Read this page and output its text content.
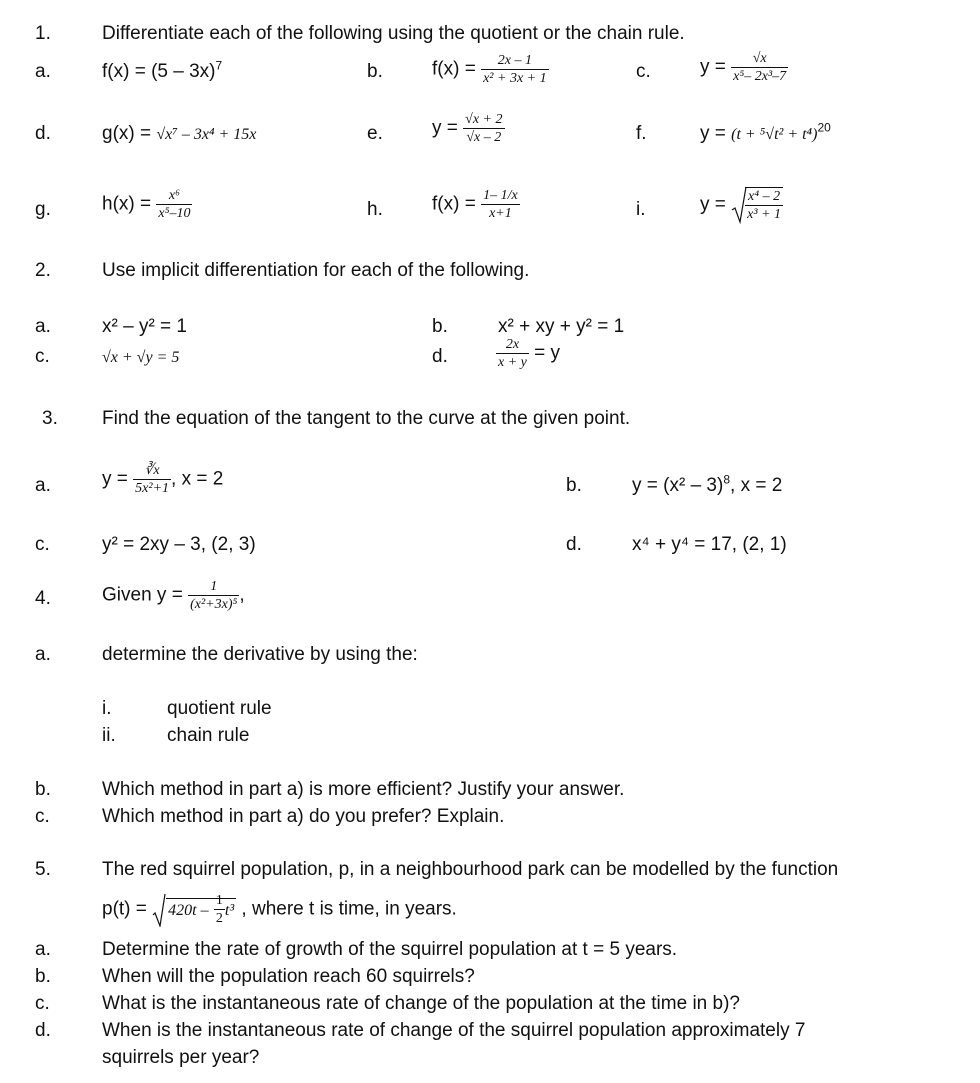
1.	Differentiate each of the following using the quotient or the chain rule.
a.	f(x) = (5 – 3x)$^7$	b.	$f(x) = \frac{2x - 1}{\text{x² + 3x + 1}}$	c.	$y = \frac{√x}{\text{x⁵– 2x³–7}}$
d.	g(x) = √x⁷ – 3x⁴ + 15x	e.	$y = \frac{√x + 2}{√x - 2}$	f.	$y = (t + ^5√t^2 + t^4)^{20}$
g.	$h(x) = \frac{\text{x⁶}}{\text{x⁵–10}}$	h.	$f(x) = \frac{1- 1/x}{x+1}$	i.	$y = \frac{\text{x⁴ – 2}}{\text{x³ + 1}}$
2.	Use implicit differentiation for each of the following.
a.	x² – y² = 1	b.	x² + xy + y² = 1
c.	√x + √y = 5	d.	$\frac{2x}{x + y} = y$
3. Find the equation of the tangent to the curve at the given point.
a.	$y = \frac{∛x}{\text{5x²+1}}$ , x = 2	b.	y = (x² – 3)$^8$, x = 2
c.	y² = 2xy – 3, (2, 3)	d.	x⁴ + y⁴ = 17, (2, 1)
4.	Given $y = \frac{1}{\text{(x²+3x)⁵}}$ ,
a.	determine the derivative by using the:
i.	quotient rule
ii.	chain rule
b.	Which method in part a) is more efficient? Justify your answer.
c.	Which method in part a) do you prefer? Explain.
5.	The red squirrel population, p, in a neighbourhood park can be modelled by the function
$p(t) = 420t - \frac{1}{2} t^3$ , where t is time, in years.
a.	Determine the rate of growth of the squirrel population at t = 5 years.
b.	When will the population reach 60 squirrels?
c.	What is the instantaneous rate of change of the population at the time in b)?
d.	When is the instantaneous rate of change of the squirrel population approximately 7
squirrels per year?
